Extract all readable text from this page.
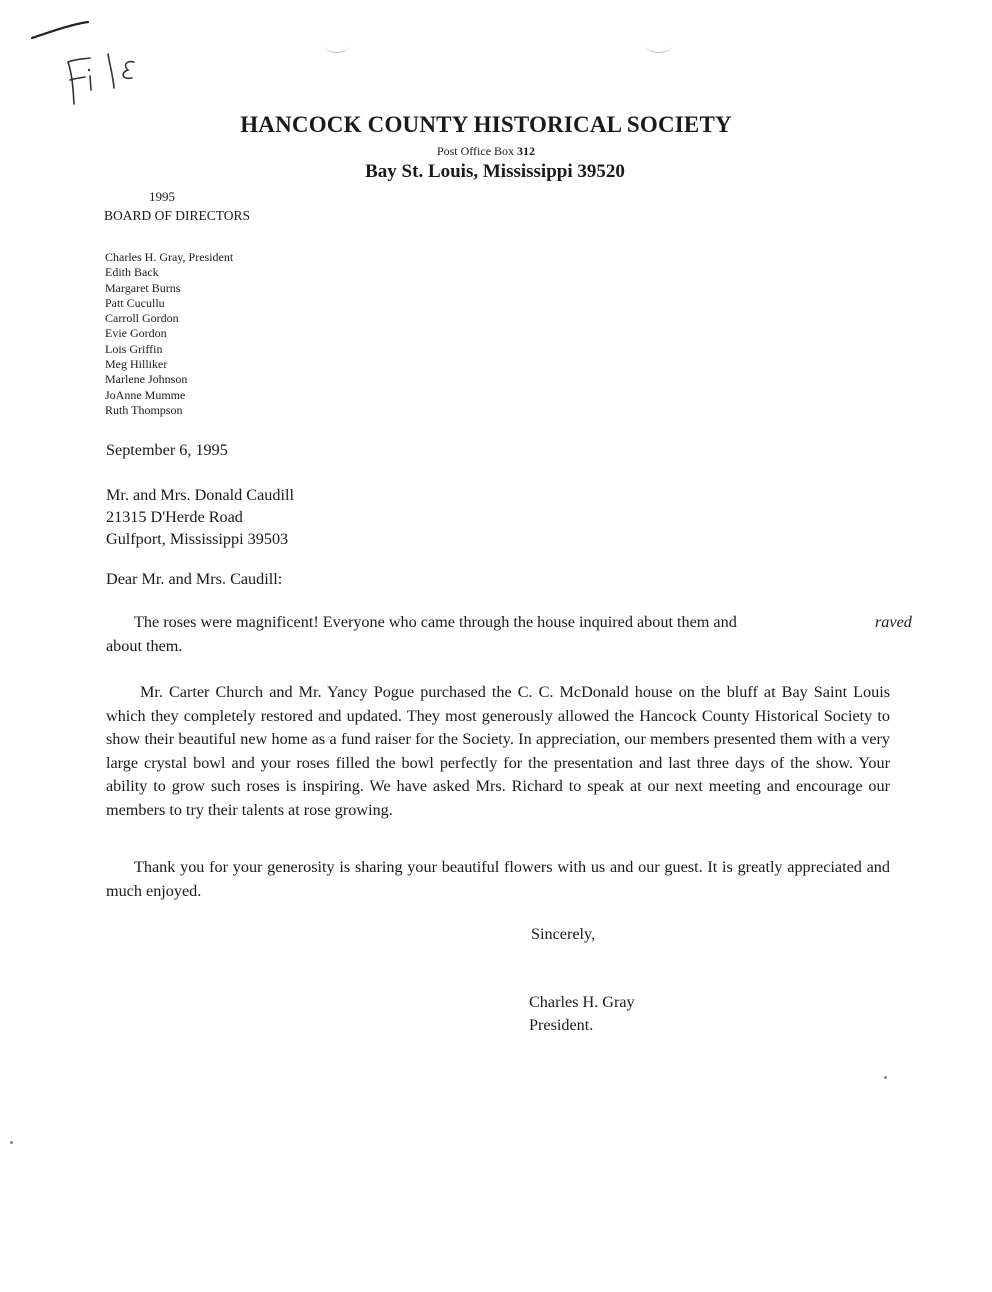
HANCOCK COUNTY HISTORICAL SOCIETY
Post Office Box 312
Bay St. Louis, Mississippi 39520
1995
BOARD OF DIRECTORS
Charles H. Gray, President
Edith Back
Margaret Burns
Patt Cucullu
Carroll Gordon
Evie Gordon
Lois Griffin
Meg Hilliker
Marlene Johnson
JoAnne Mumme
Ruth Thompson
September 6, 1995
Mr. and Mrs. Donald Caudill
21315 D'Herde Road
Gulfport, Mississippi 39503
Dear Mr. and Mrs. Caudill:
The roses were magnificent! Everyone who came through the house inquired about them and	raved
about them.
Mr. Carter Church and Mr. Yancy Pogue purchased the C. C. McDonald house on the bluff at Bay Saint Louis which they completely restored and updated. They most generously allowed the Hancock County Historical Society to show their beautiful new home as a fund raiser for the Society. In appreciation, our members presented them with a very large crystal bowl and your roses filled the bowl perfectly for the presentation and last three days of the show. Your ability to grow such roses is inspiring. We have asked Mrs. Richard to speak at our next meeting and encourage our members to try their talents at rose growing.
Thank you for your generosity is sharing your beautiful flowers with us and our guest. It is greatly appreciated and much enjoyed.
Sincerely,
Charles H. Gray
President.
